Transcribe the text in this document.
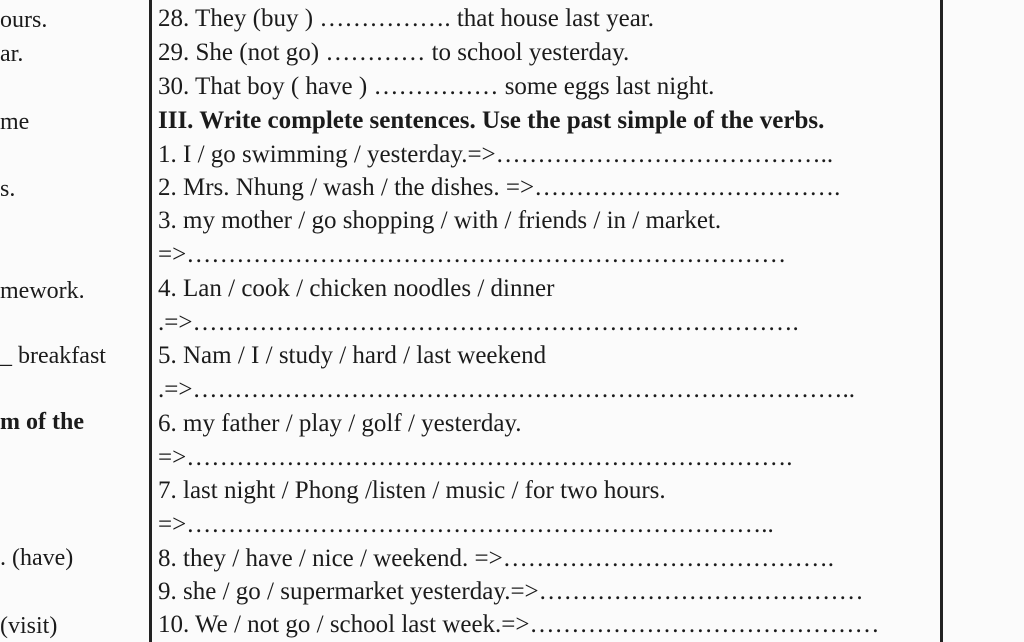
ours.
ar.
me
s.
mework.
_ breakfast
m of the
. (have)
(visit)
28. They (buy ) ……………. that house last year.
29. She (not go) ………… to school yesterday.
30. That boy ( have ) …………… some eggs last night.
III. Write complete sentences. Use the past simple of the verbs.
1. I / go swimming / yesterday.=>…………………………………..
2. Mrs. Nhung / wash / the dishes. =>……………………………….
3. my mother / go shopping / with / friends / in / market.
=>………………………………………………………………
4. Lan / cook / chicken noodles / dinner
.=>……………………………………………………………….
5. Nam / I / study / hard / last weekend
.=>……………………………………………………………………..
6. my father / play / golf / yesterday.
=>……………………………………………………………….
7. last night / Phong /listen / music / for two hours.
=>……………………………………………………………..
8. they / have / nice / weekend. =>………………………………….
9. she / go / supermarket yesterday.=>…………………………………
10. We / not go / school last week.=>……………………………………
